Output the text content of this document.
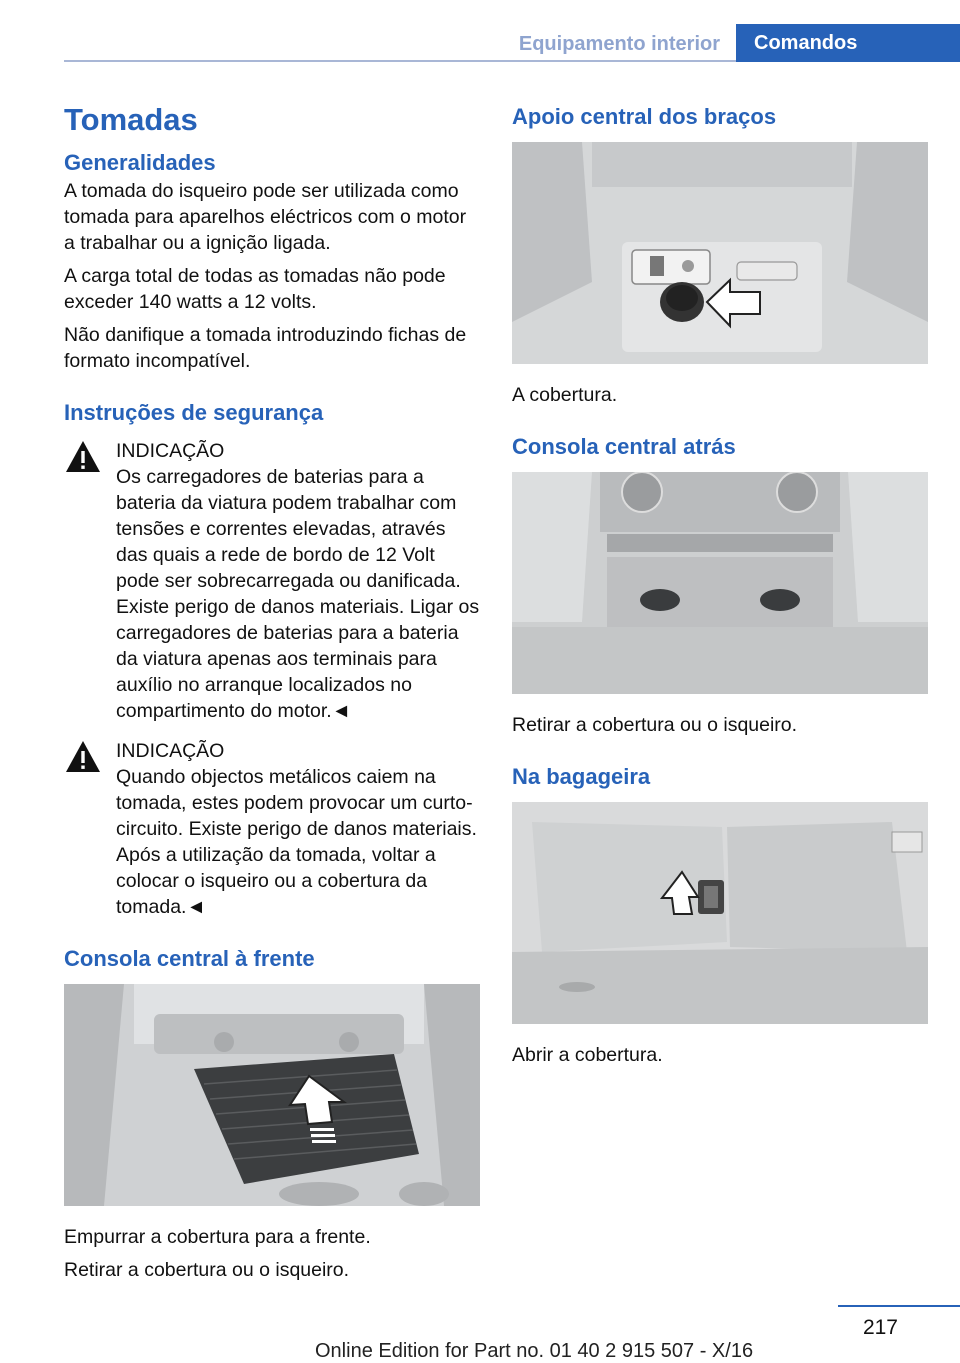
Equipamento interior	Comandos
Tomadas
Generalidades

A tomada do isqueiro pode ser utilizada como tomada para aparelhos eléctricos com o motor a trabalhar ou a ignição ligada.

A carga total de todas as tomadas não pode exceder 140 watts a 12 volts.

Não danifique a tomada introduzindo fichas de formato incompatível.

Instruções de segurança
INDICAÇÃO

Os carregadores de baterias para a bateria da viatura podem trabalhar com tensões e correntes elevadas, através das quais a rede de bordo de 12 Volt pode ser sobrecarregada ou danificada. Existe perigo de danos materiais. Ligar os carregadores de baterias para a bateria da viatura apenas aos terminais para auxílio no arranque localizados no compartimento do motor.◄

INDICAÇÃO

Quando objectos metálicos caiem na tomada, estes podem provocar um curto-circuito. Existe perigo de danos materiais. Após a utilização da tomada, voltar a colocar o isqueiro ou a cobertura da tomada.◄

Consola central à frente

Empurrar a cobertura para a frente.

Retirar a cobertura ou o isqueiro.

Apoio central dos braços

A cobertura.

Consola central atrás

Retirar a cobertura ou o isqueiro.

Na bagageira

Abrir a cobertura.

217
Online Edition for Part no. 01 40 2 915 507 - X/16
